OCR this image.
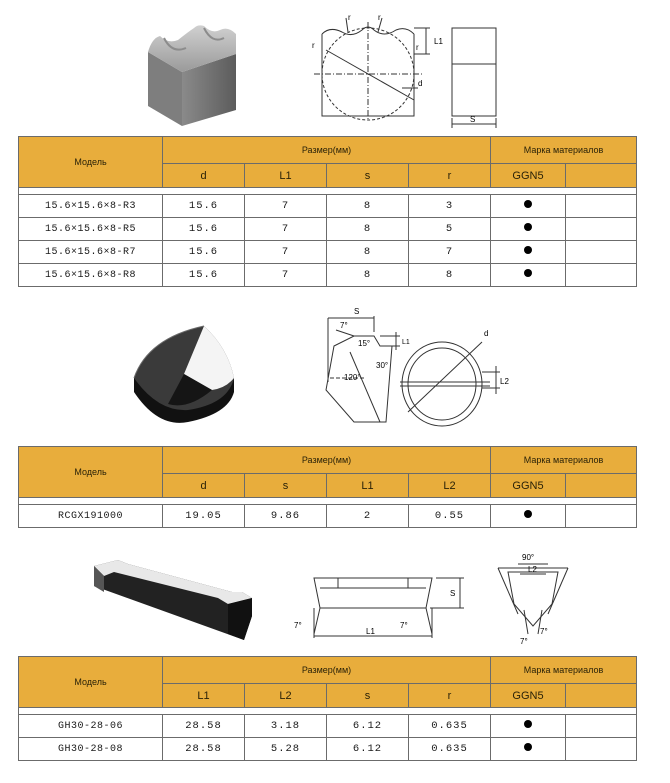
r	r
r	r
L1
d
S
Модель	Размер(мм)				Марка материалов	
	d	L1	s	r	GGN5	

15.6×15.6×8-R3	15.6	7	8	3		
15.6×15.6×8-R5	15.6	7	8	5		
15.6×15.6×8-R7	15.6	7	8	7		
15.6×15.6×8-R8	15.6	7	8	8		
S
7°
L1
15°
30°
120°
d
L2
Модель	Размер(мм)				Марка материалов	
	d	s	L1	L2	GGN5	

RCGX191000	19.05	9.86	2	0.55		
S
7°
L1
7°
90°
L2
7°
7°
Модель	Размер(мм)				Марка материалов	
	L1	L2	s	r	GGN5	

GH30-28-06	28.58	3.18	6.12	0.635		
GH30-28-08	28.58	5.28	6.12	0.635		
